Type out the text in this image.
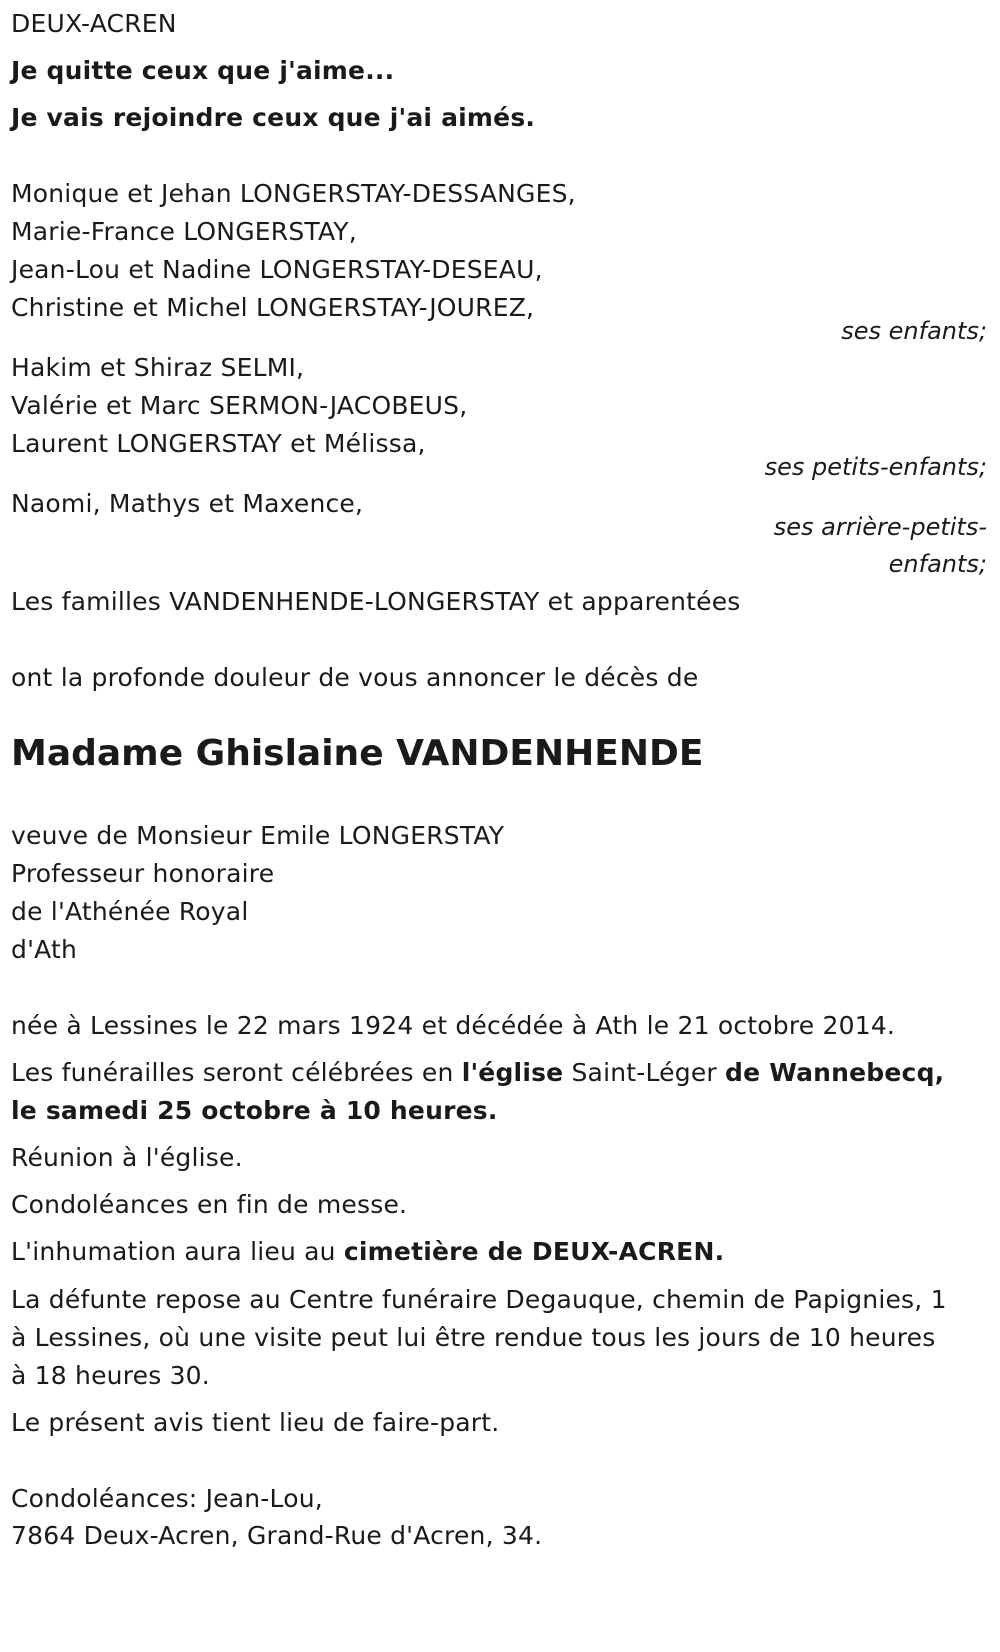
DEUX-ACREN
Je quitte ceux que j'aime...
Je vais rejoindre ceux que j'ai aimés.
Monique et Jehan LONGERSTAY-DESSANGES,
Marie-France LONGERSTAY,
Jean-Lou et Nadine LONGERSTAY-DESEAU,
Christine et Michel LONGERSTAY-JOUREZ,
ses enfants;
Hakim et Shiraz SELMI,
Valérie et Marc SERMON-JACOBEUS,
Laurent LONGERSTAY et Mélissa,
ses petits-enfants;
Naomi, Mathys et Maxence,
ses arrière-petits-
enfants;
Les familles VANDENHENDE-LONGERSTAY et apparentées
ont la profonde douleur de vous annoncer le décès de
Madame Ghislaine VANDENHENDE
veuve de Monsieur Emile LONGERSTAY
Professeur honoraire
de l'Athénée Royal
d'Ath
née à Lessines le 22 mars 1924 et décédée à Ath le 21 octobre 2014.
Les funérailles seront célébrées en l'église Saint-Léger de Wannebecq,
le samedi 25 octobre à 10 heures.
Réunion à l'église.
Condoléances en fin de messe.
L'inhumation aura lieu au cimetière de DEUX-ACREN.
La défunte repose au Centre funéraire Degauque, chemin de Papignies, 1
à Lessines, où une visite peut lui être rendue tous les jours de 10 heures
à 18 heures 30.
Le présent avis tient lieu de faire-part.
Condoléances: Jean-Lou,
7864 Deux-Acren, Grand-Rue d'Acren, 34.
